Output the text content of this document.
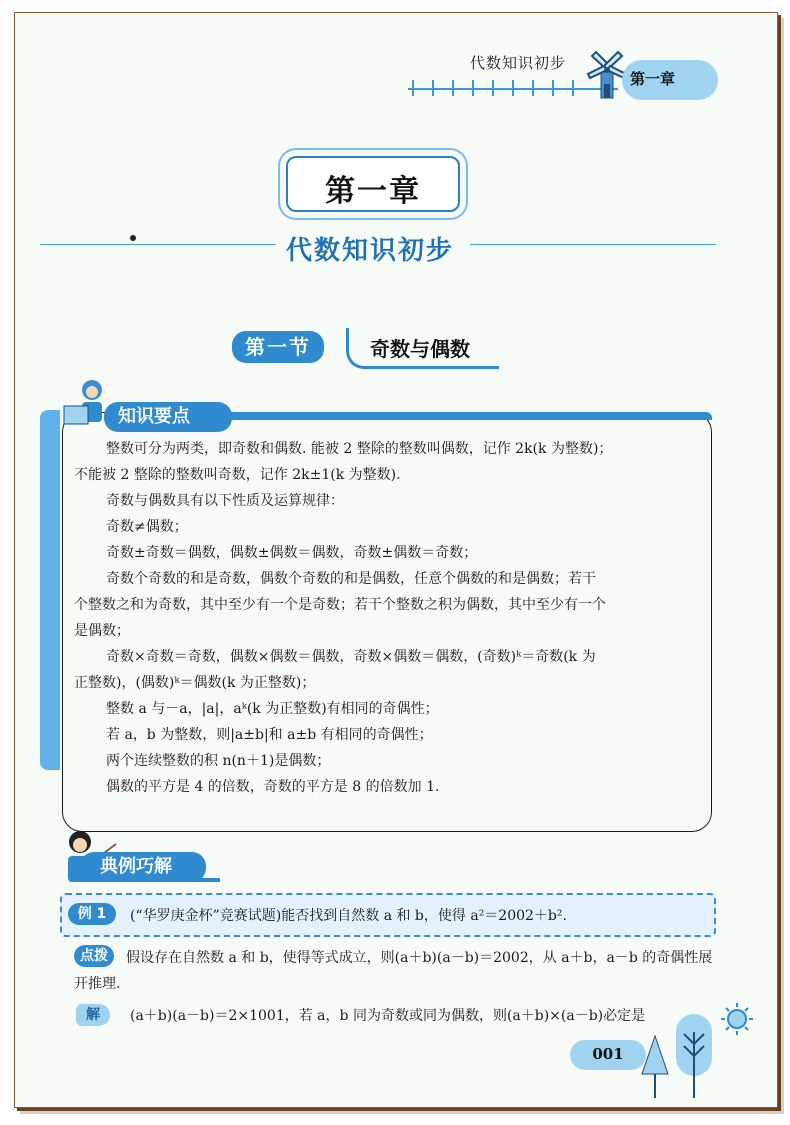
代数知识初步
第一章
第一章
代数知识初步
第一节	奇数与偶数
知识要点

整数可分为两类，即奇数和偶数. 能被 2 整除的整数叫偶数，记作 2k(k 为整数)；

不能被 2 整除的整数叫奇数，记作 2k±1(k 为整数).

奇数与偶数具有以下性质及运算规律：

奇数≠偶数；

奇数±奇数＝偶数，偶数±偶数＝偶数，奇数±偶数＝奇数；

奇数个奇数的和是奇数，偶数个奇数的和是偶数，任意个偶数的和是偶数；若干

个整数之和为奇数，其中至少有一个是奇数；若干个整数之积为偶数，其中至少有一个

是偶数；

奇数×奇数＝奇数，偶数×偶数＝偶数，奇数×偶数＝偶数，(奇数)ᵏ＝奇数(k 为

正整数)，(偶数)ᵏ＝偶数(k 为正整数)；

整数 a 与－a，|a|，aᵏ(k 为正整数)有相同的奇偶性；

若 a，b 为整数，则|a±b|和 a±b 有相同的奇偶性；

两个连续整数的积 n(n＋1)是偶数；

偶数的平方是 4 的倍数，奇数的平方是 8 的倍数加 1.

典例巧解
例 1	(“华罗庚金杯”竞赛试题)能否找到自然数 a 和 b，使得 a²＝2002＋b².
假设存在自然数 a 和 b，使得等式成立，则(a＋b)(a－b)＝2002，从 a＋b，a－b 的奇偶性展开推理.
点拨
解	(a＋b)(a－b)＝2×1001，若 a，b 同为奇数或同为偶数，则(a＋b)×(a－b)必定是
001
